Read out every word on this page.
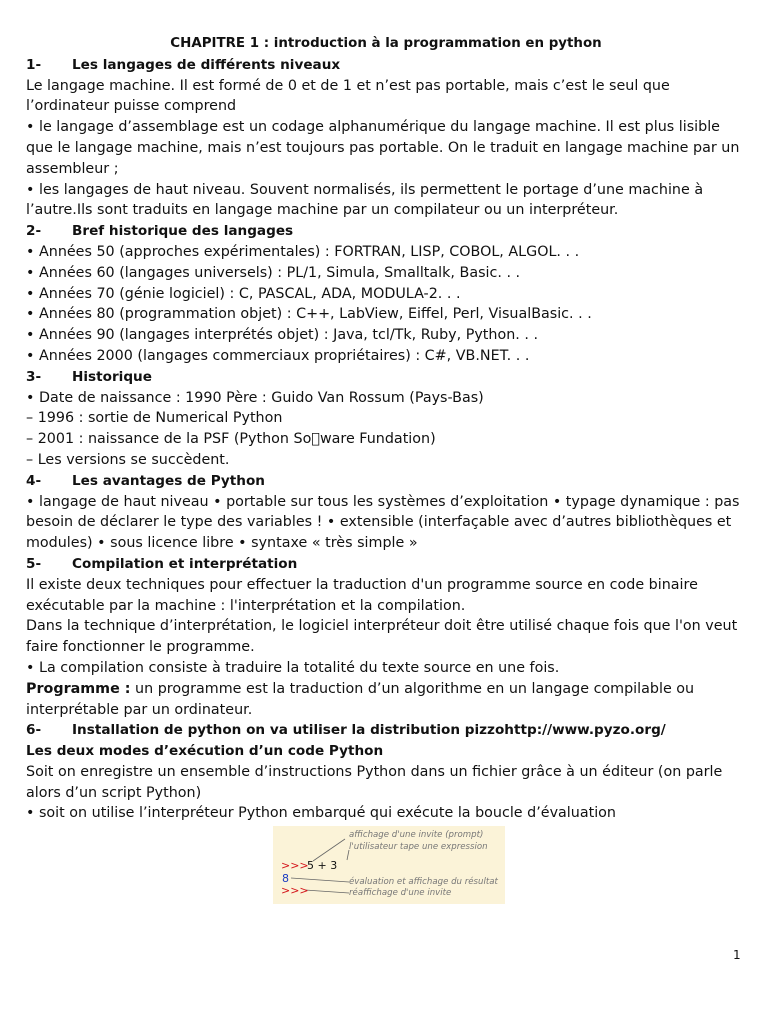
CHAPITRE 1 : introduction à la programmation en python

1-	Les langages de différents niveaux

Le langage machine. Il est formé de 0 et de 1 et n’est pas portable, mais c’est le seul que l’ordinateur puisse comprend

• le langage d’assemblage est un codage alphanumérique du langage machine. Il est plus lisible que le langage machine, mais n’est toujours pas portable. On le traduit en langage machine par un assembleur ;

• les langages de haut niveau. Souvent normalisés, ils permettent le portage d’une machine à l’autre.Ils sont traduits en langage machine par un compilateur ou un interpréteur.

2-	Bref historique des langages

• Années 50 (approches expérimentales) : FORTRAN, LISP, COBOL, ALGOL. . .

• Années 60 (langages universels) : PL/1, Simula, Smalltalk, Basic. . .

• Années 70 (génie logiciel) : C, PASCAL, ADA, MODULA-2. . .

• Années 80 (programmation objet) : C++, LabView, Eiffel, Perl, VisualBasic. . .

• Années 90 (langages interprétés objet) : Java, tcl/Tk, Ruby, Python. . .

• Années 2000 (langages commerciaux propriétaires) : C#, VB.NET. . .

3-	Historique

• Date de naissance : 1990 Père : Guido Van Rossum (Pays-Bas)

– 1996 : sortie de Numerical Python

– 2001 : naissance de la PSF (Python So ware Fundation)

– Les versions se succèdent.

4-	Les avantages de Python

• langage de haut niveau • portable sur tous les systèmes d’exploitation • typage dynamique : pas besoin de déclarer le type des variables ! • extensible (interfaçable avec d’autres bibliothèques et modules) • sous licence libre • syntaxe « très simple »

5-	Compilation et interprétation

Il existe deux techniques pour effectuer la traduction d'un programme source en code binaire exécutable par la machine : l'interprétation et la compilation.

Dans la technique d’interprétation, le logiciel interpréteur doit être utilisé chaque fois que l'on veut faire fonctionner le programme.

• La compilation consiste à traduire la totalité du texte source en une fois.

Programme : un programme est la traduction d’un algorithme en un langage compilable ou interprétable par un ordinateur.

6-	Installation de python on va utiliser la distribution pizzohttp://www.pyzo.org/

Les deux modes d’exécution d’un code Python

Soit on enregistre un ensemble d’instructions Python dans un fichier grâce à un éditeur (on parle alors d’un script Python)

• soit on utilise l’interpréteur Python embarqué qui exécute la boucle d’évaluation

>>>
5 + 3
8
>>>
affichage d'une invite (prompt)
l'utilisateur tape une expression
évaluation et affichage du résultat
réaffichage d'une invite
1
